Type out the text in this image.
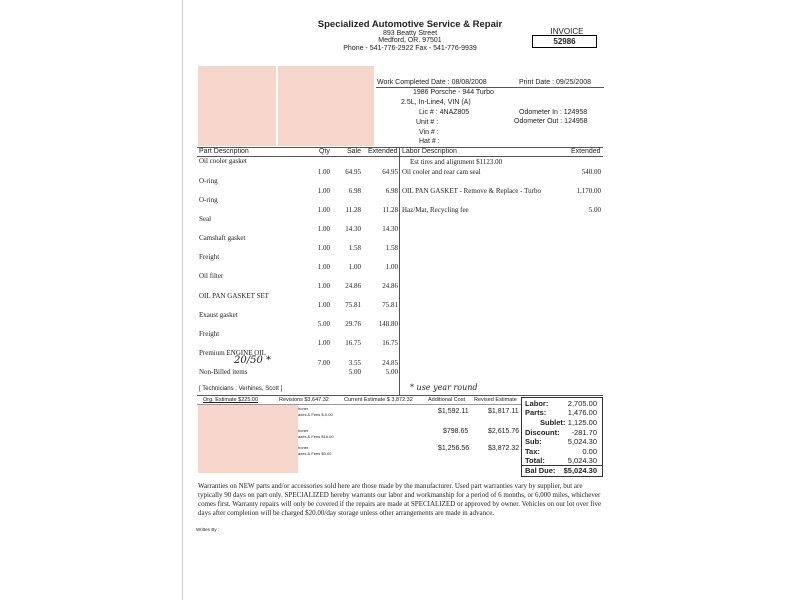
Specialized Automotive Service & Repair
893 Beatty Street
Medford, OR. 97501
Phone - 541-776-2922 Fax - 541-776-9939
INVOICE
52986
Work Completed Date : 08/08/2008	Print Date : 09/25/2008
1986 Porsche - 944 Turbo
2.5L, In-Line4, VIN (A)
Lic # : 4NAZ805
Unit # :
Vin # :
Hat # :
Odometer In : 124958
Odometer Out : 124958
Part Description	Qty Sale Extended Labor Description	Extended
Oil cooler gasket
1.00	64.95	64.95
O-ring
1.00	6.98	6.98
O-ring
1.00	11.28	11.28
Seal
1.00	14.30	14.30
Camshaft gasket
1.00	1.58	1.58
Freight
1.00	1.00	1.00
Oil filter
1.00	24.86	24.86
OIL PAN GASKET SET
1.00	75.81	75.81
Exaust gasket
5.00	29.76	148.80
Freight
1.00	16.75	16.75
Premium ENGINE OIL
7.00	3.55	24.85
Non-Billed items	5.00	5.00
20/50 *
[ Technicians : Verhines, Scott ]	* use year round
Est tires and alignment $1123.00
Oil cooler and rear cam seal	540.00
OIL PAN GASKET - Remove & Replace - Turbo	1,170.00
Haz/Mat, Recycling fee	5.00
Org. Estimate $225.00	Revisions $3,647.32	Current Estimate $ 3,872.32	Additional Cost Revised Estimate
honer
axes & Fees $-0.00	$1,592.11	$1,817.11
honer
axes & Fees $16.00
$798.65	$2,615.76
honer
axes & Fees $0.00
$1,256.56	$3,872.32
Labor:	2,705.00
Parts:	1,476.00
Sublet: 1,125.00
Discount:	-281.70
Sub:	5,024.30
Tax:	0.00
Total:	5,024.30
Bal Due:	$5,024.30
Warranties on NEW parts and/or accessories sold here are those made by the manufacturer. Used part warranties vary by supplier, but are typically 90 days on part only. SPECIALIZED hereby warrants our labor and workmanship for a period of 6 months, or 6,000 miles, whichever comes first. Warranty repairs will only be covered if the repairs are made at SPECIALIZED or approved by owner. Vehicles on our lot over five days after completion will be charged $20.00/day storage unless other arrangements are made in advance.
Written By :
